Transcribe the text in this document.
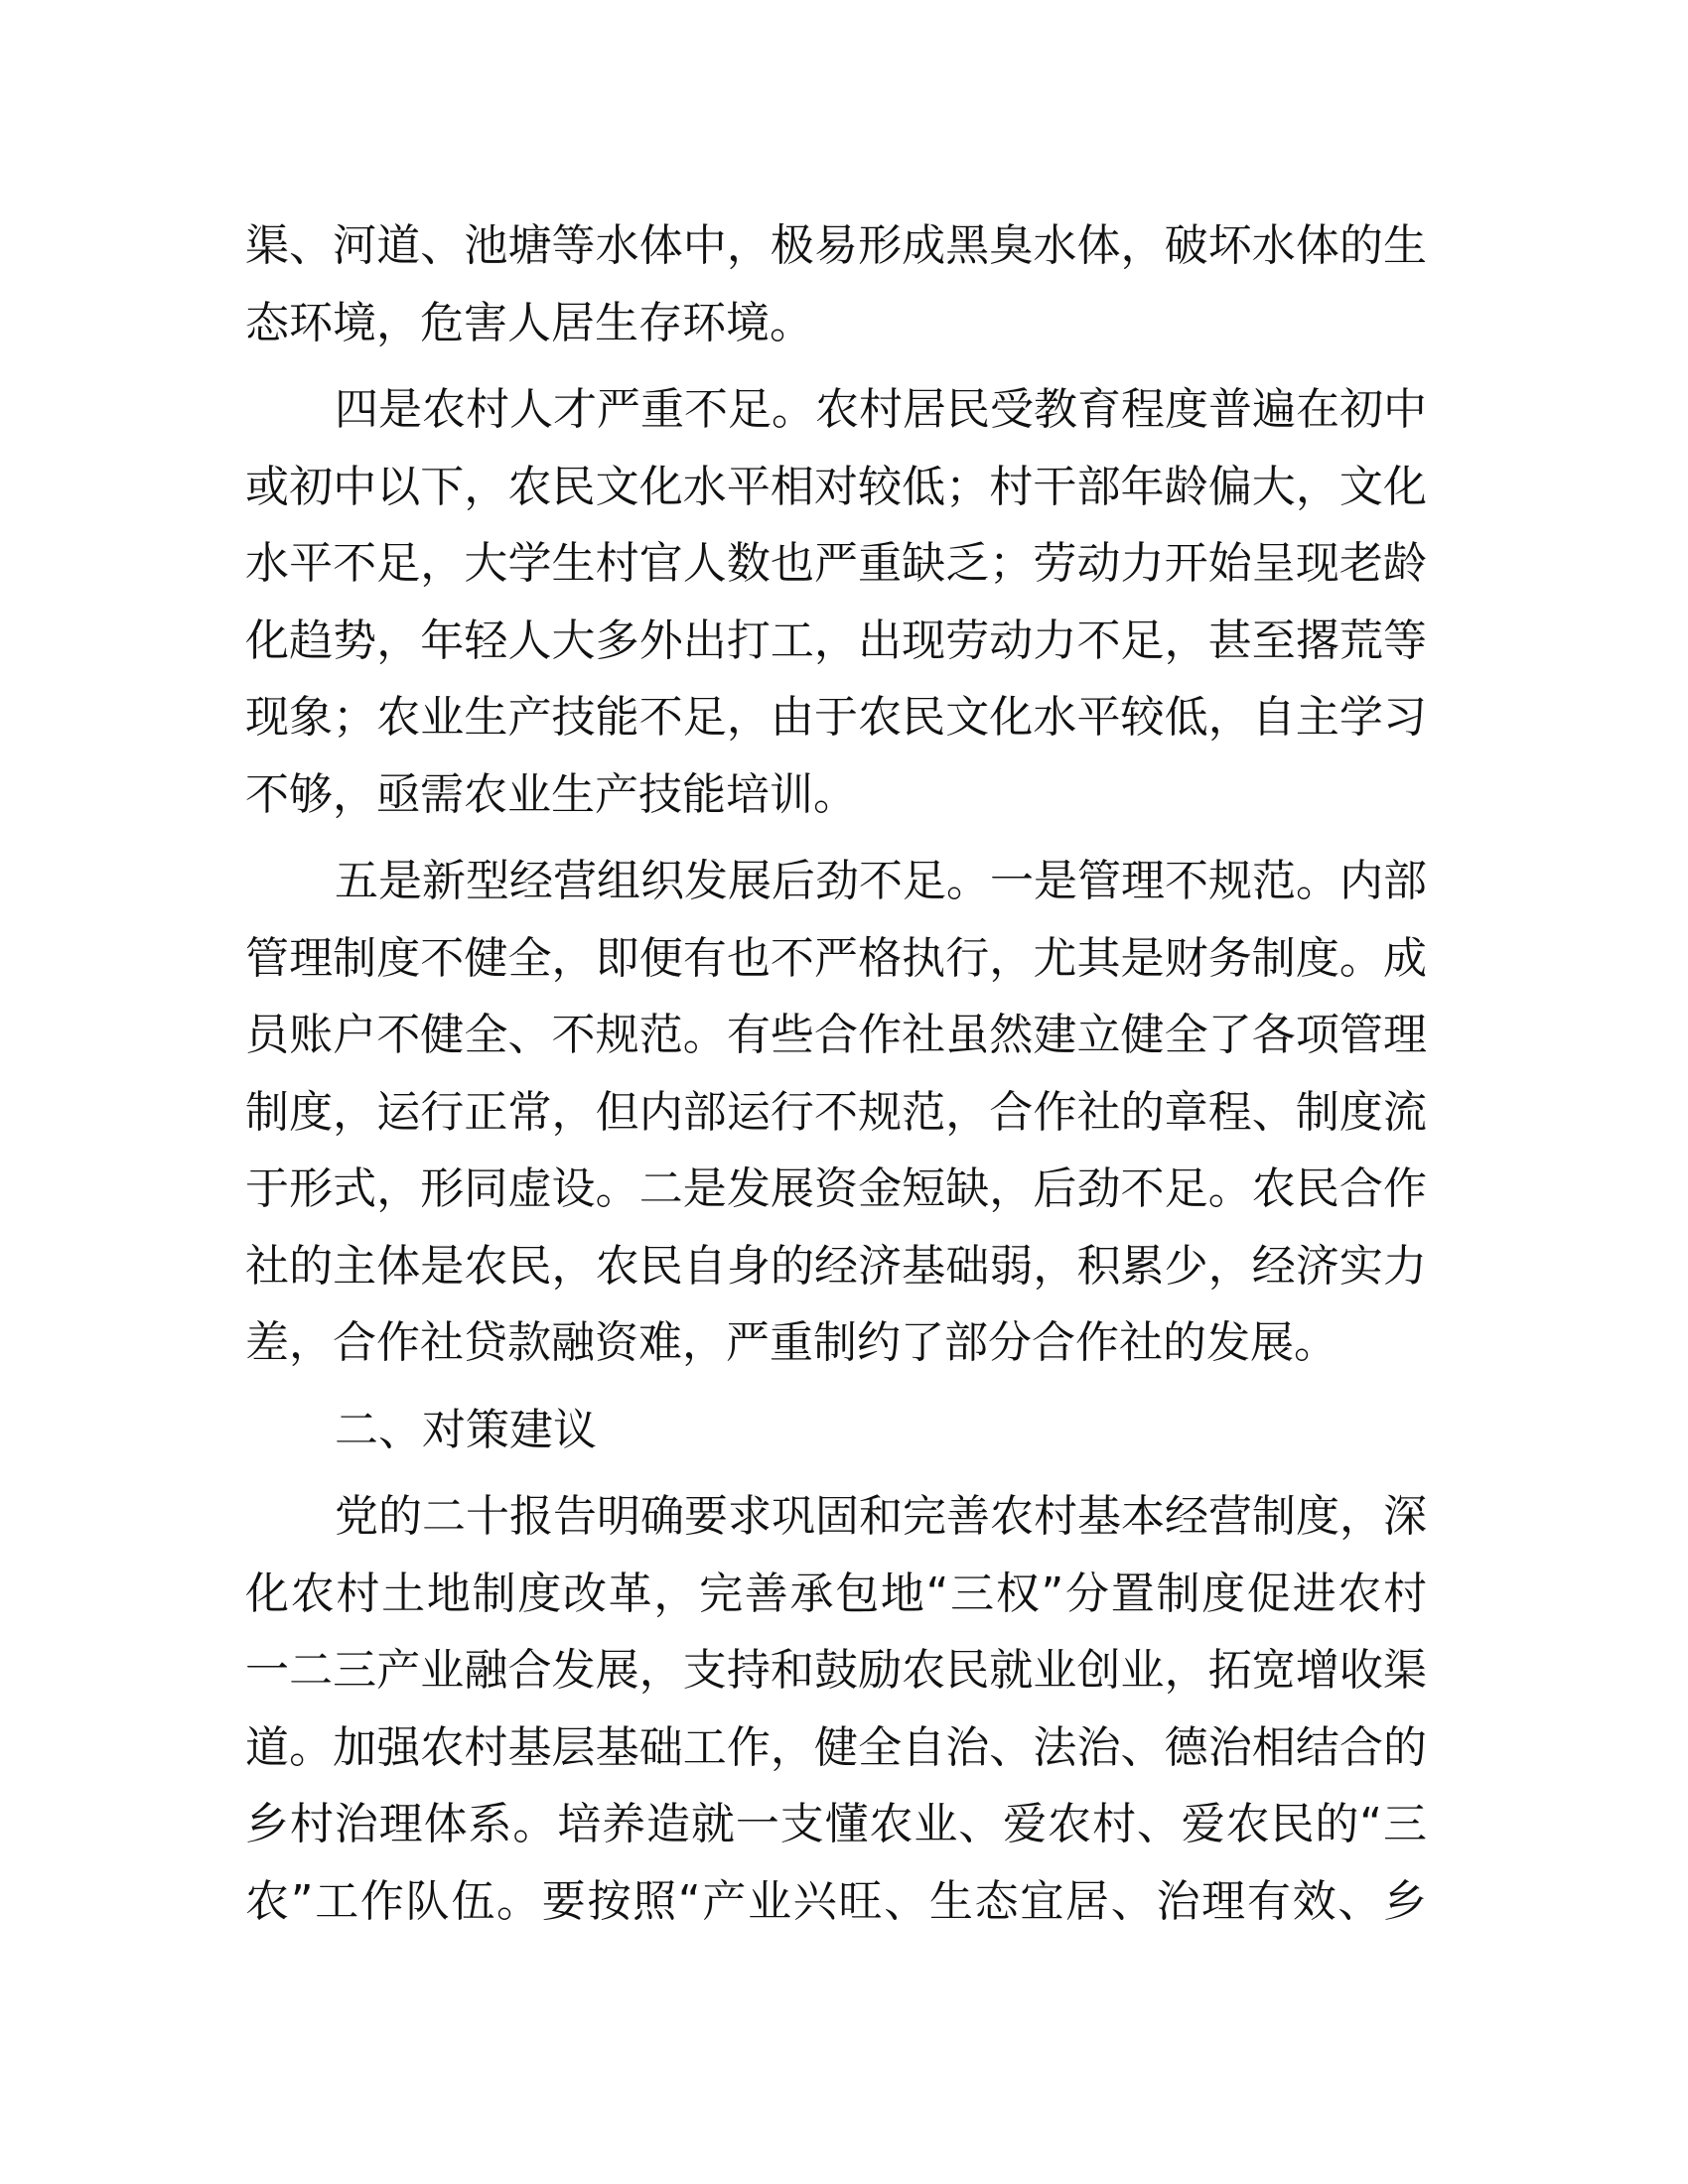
渠、河道、池塘等水体中，极易形成黑臭水体，破坏水体的生
态环境，危害人居生存环境。
四是农村人才严重不足。农村居民受教育程度普遍在初中
或初中以下，农民文化水平相对较低；村干部年龄偏大，文化
水平不足，大学生村官人数也严重缺乏；劳动力开始呈现老龄
化趋势，年轻人大多外出打工，出现劳动力不足，甚至撂荒等
现象；农业生产技能不足，由于农民文化水平较低，自主学习
不够，亟需农业生产技能培训。
五是新型经营组织发展后劲不足。一是管理不规范。内部
管理制度不健全，即便有也不严格执行，尤其是财务制度。成
员账户不健全、不规范。有些合作社虽然建立健全了各项管理
制度，运行正常，但内部运行不规范，合作社的章程、制度流
于形式，形同虚设。二是发展资金短缺，后劲不足。农民合作
社的主体是农民，农民自身的经济基础弱，积累少，经济实力
差，合作社贷款融资难，严重制约了部分合作社的发展。
二、对策建议
党的二十报告明确要求巩固和完善农村基本经营制度，深
化农村土地制度改革，完善承包地“三权”分置制度促进农村
一二三产业融合发展，支持和鼓励农民就业创业，拓宽增收渠
道。加强农村基层基础工作，健全自治、法治、德治相结合的
乡村治理体系。培养造就一支懂农业、爱农村、爱农民的“三
农”工作队伍。要按照“产业兴旺、生态宜居、治理有效、乡
